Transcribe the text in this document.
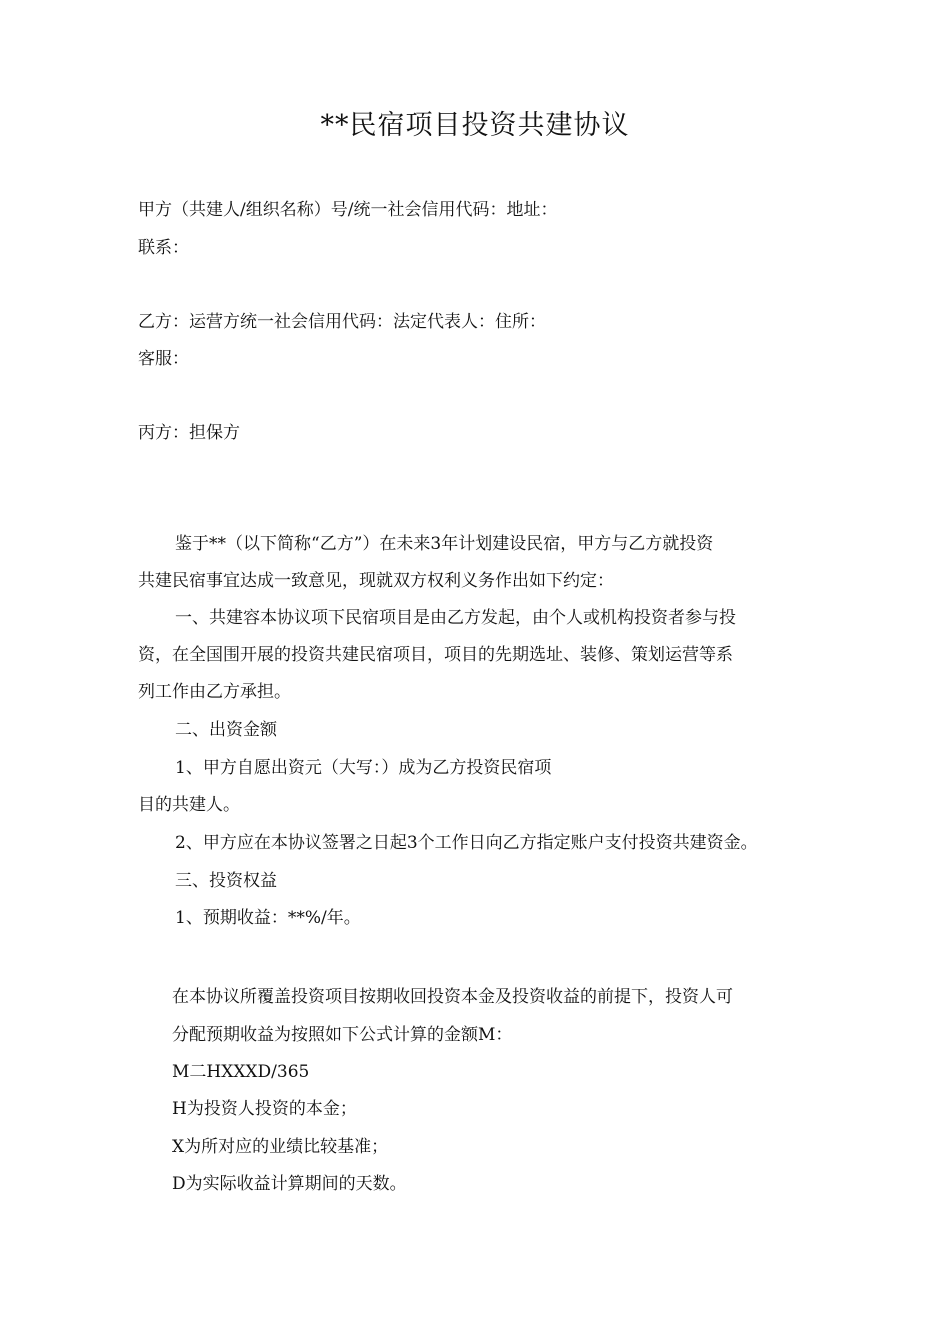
**民宿项目投资共建协议
甲方（共建人/组织名称）号/统一社会信用代码：地址：
联系：
乙方：运营方统一社会信用代码：法定代表人：住所：
客服：
丙方：担保方
鉴于**（以下简称“乙方”）在未来3年计划建设民宿，甲方与乙方就投资
共建民宿事宜达成一致意见，现就双方权利义务作出如下约定：
一、共建容本协议项下民宿项目是由乙方发起，由个人或机构投资者参与投
资，在全国围开展的投资共建民宿项目，项目的先期选址、装修、策划运营等系
列工作由乙方承担。
二、出资金额
1、甲方自愿出资元（大写：）成为乙方投资民宿项
目的共建人。
2、甲方应在本协议签署之日起3个工作日向乙方指定账户支付投资共建资金。
三、投资权益
1、预期收益：**%/年。
在本协议所覆盖投资项目按期收回投资本金及投资收益的前提下，投资人可
分配预期收益为按照如下公式计算的金额M：
M二HXXXD/365
H为投资人投资的本金；
X为所对应的业绩比较基准；
D为实际收益计算期间的天数。
